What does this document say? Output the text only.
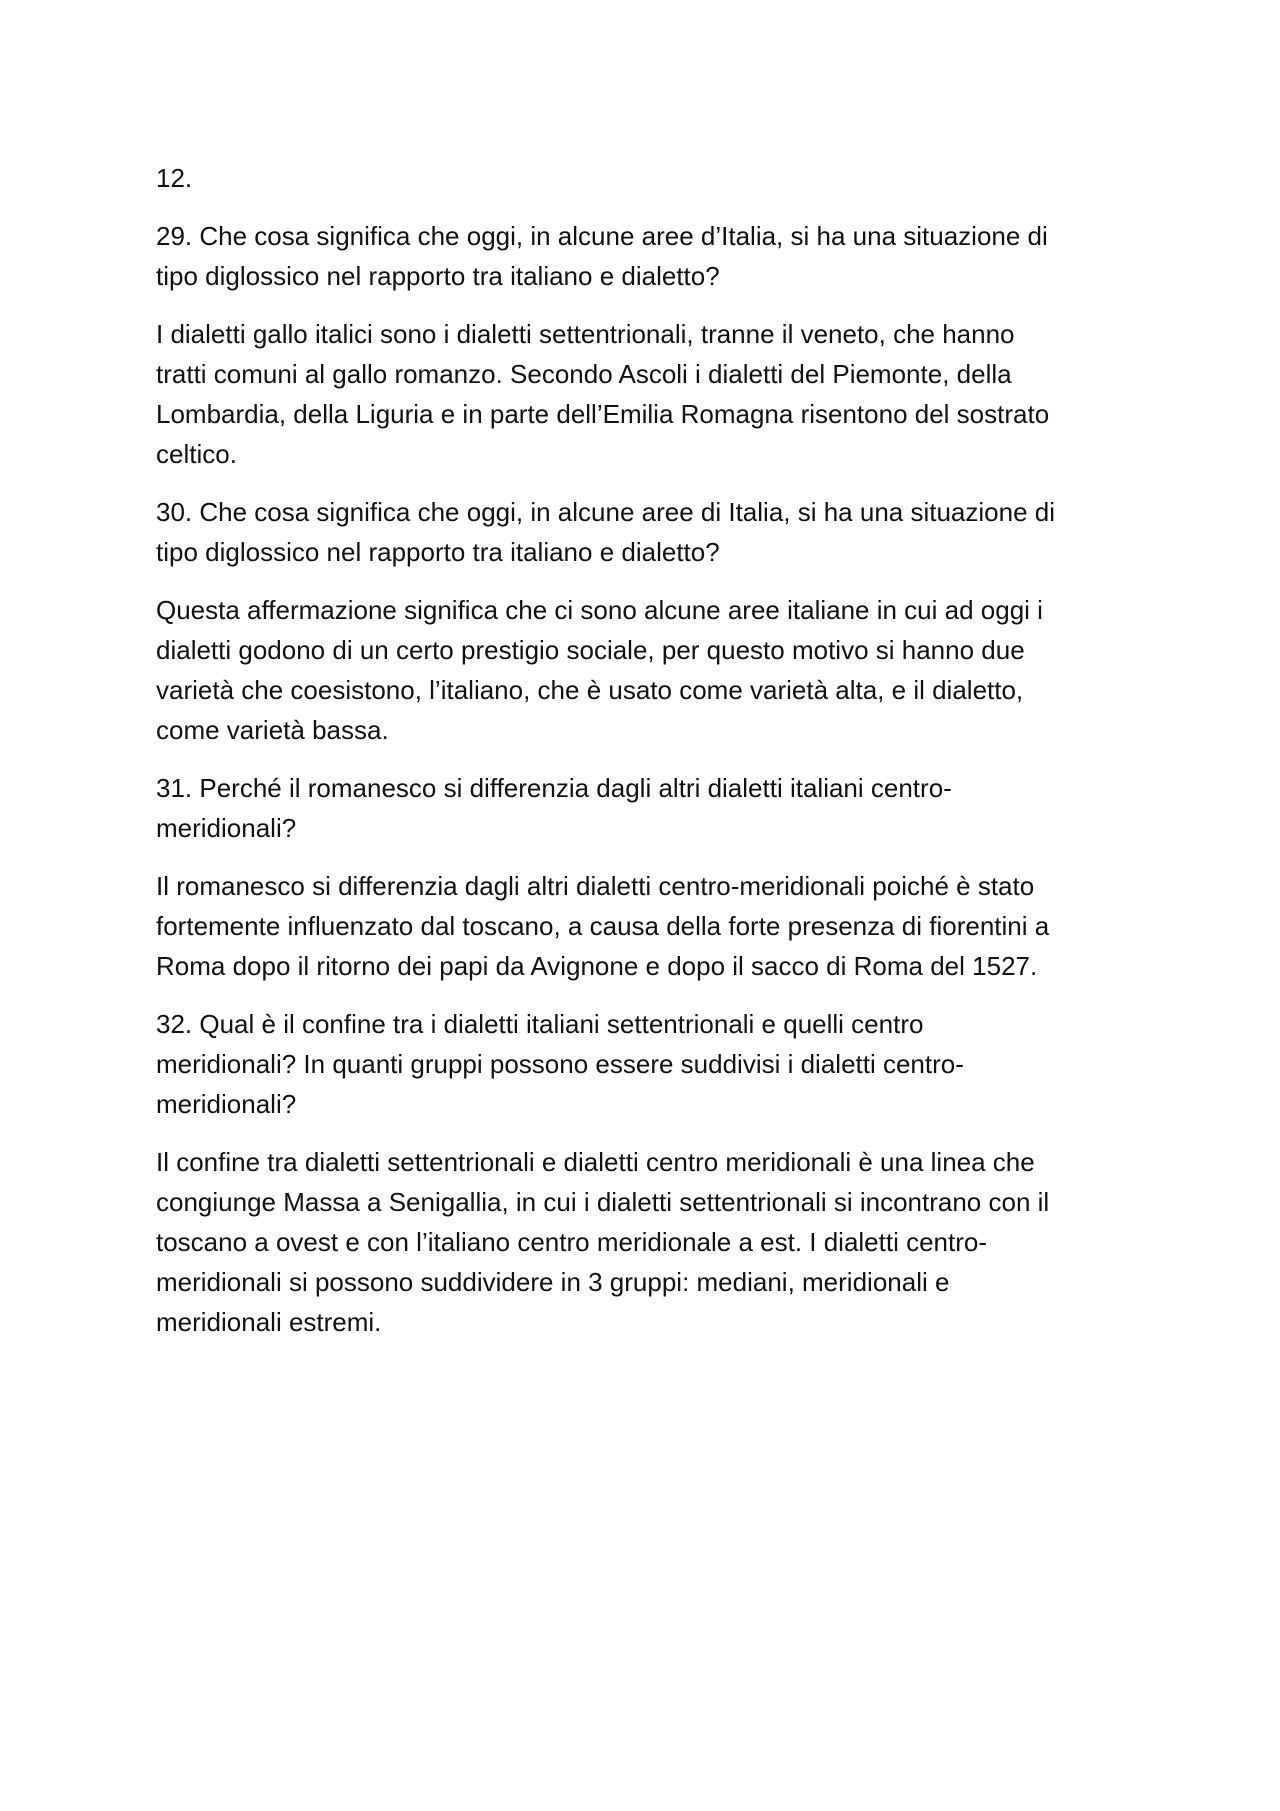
12.

29. Che cosa significa che oggi, in alcune aree d’Italia, si ha una situazione di
tipo diglossico nel rapporto tra italiano e dialetto?

I dialetti gallo italici sono i dialetti settentrionali, tranne il veneto, che hanno
tratti comuni al gallo romanzo. Secondo Ascoli i dialetti del Piemonte, della
Lombardia, della Liguria e in parte dell’Emilia Romagna risentono del sostrato
celtico.

30. Che cosa significa che oggi, in alcune aree di Italia, si ha una situazione di
tipo diglossico nel rapporto tra italiano e dialetto?

Questa affermazione significa che ci sono alcune aree italiane in cui ad oggi i
dialetti godono di un certo prestigio sociale, per questo motivo si hanno due
varietà che coesistono, l’italiano, che è usato come varietà alta, e il dialetto,
come varietà bassa.

31. Perché il romanesco si differenzia dagli altri dialetti italiani centro-
meridionali?

Il romanesco si differenzia dagli altri dialetti centro-meridionali poiché è stato
fortemente influenzato dal toscano, a causa della forte presenza di fiorentini a
Roma dopo il ritorno dei papi da Avignone e dopo il sacco di Roma del 1527.

32. Qual è il confine tra i dialetti italiani settentrionali e quelli centro
meridionali? In quanti gruppi possono essere suddivisi i dialetti centro-
meridionali?

Il confine tra dialetti settentrionali e dialetti centro meridionali è una linea che
congiunge Massa a Senigallia, in cui i dialetti settentrionali si incontrano con il
toscano a ovest e con l’italiano centro meridionale a est. I dialetti centro-
meridionali si possono suddividere in 3 gruppi: mediani, meridionali e
meridionali estremi.
